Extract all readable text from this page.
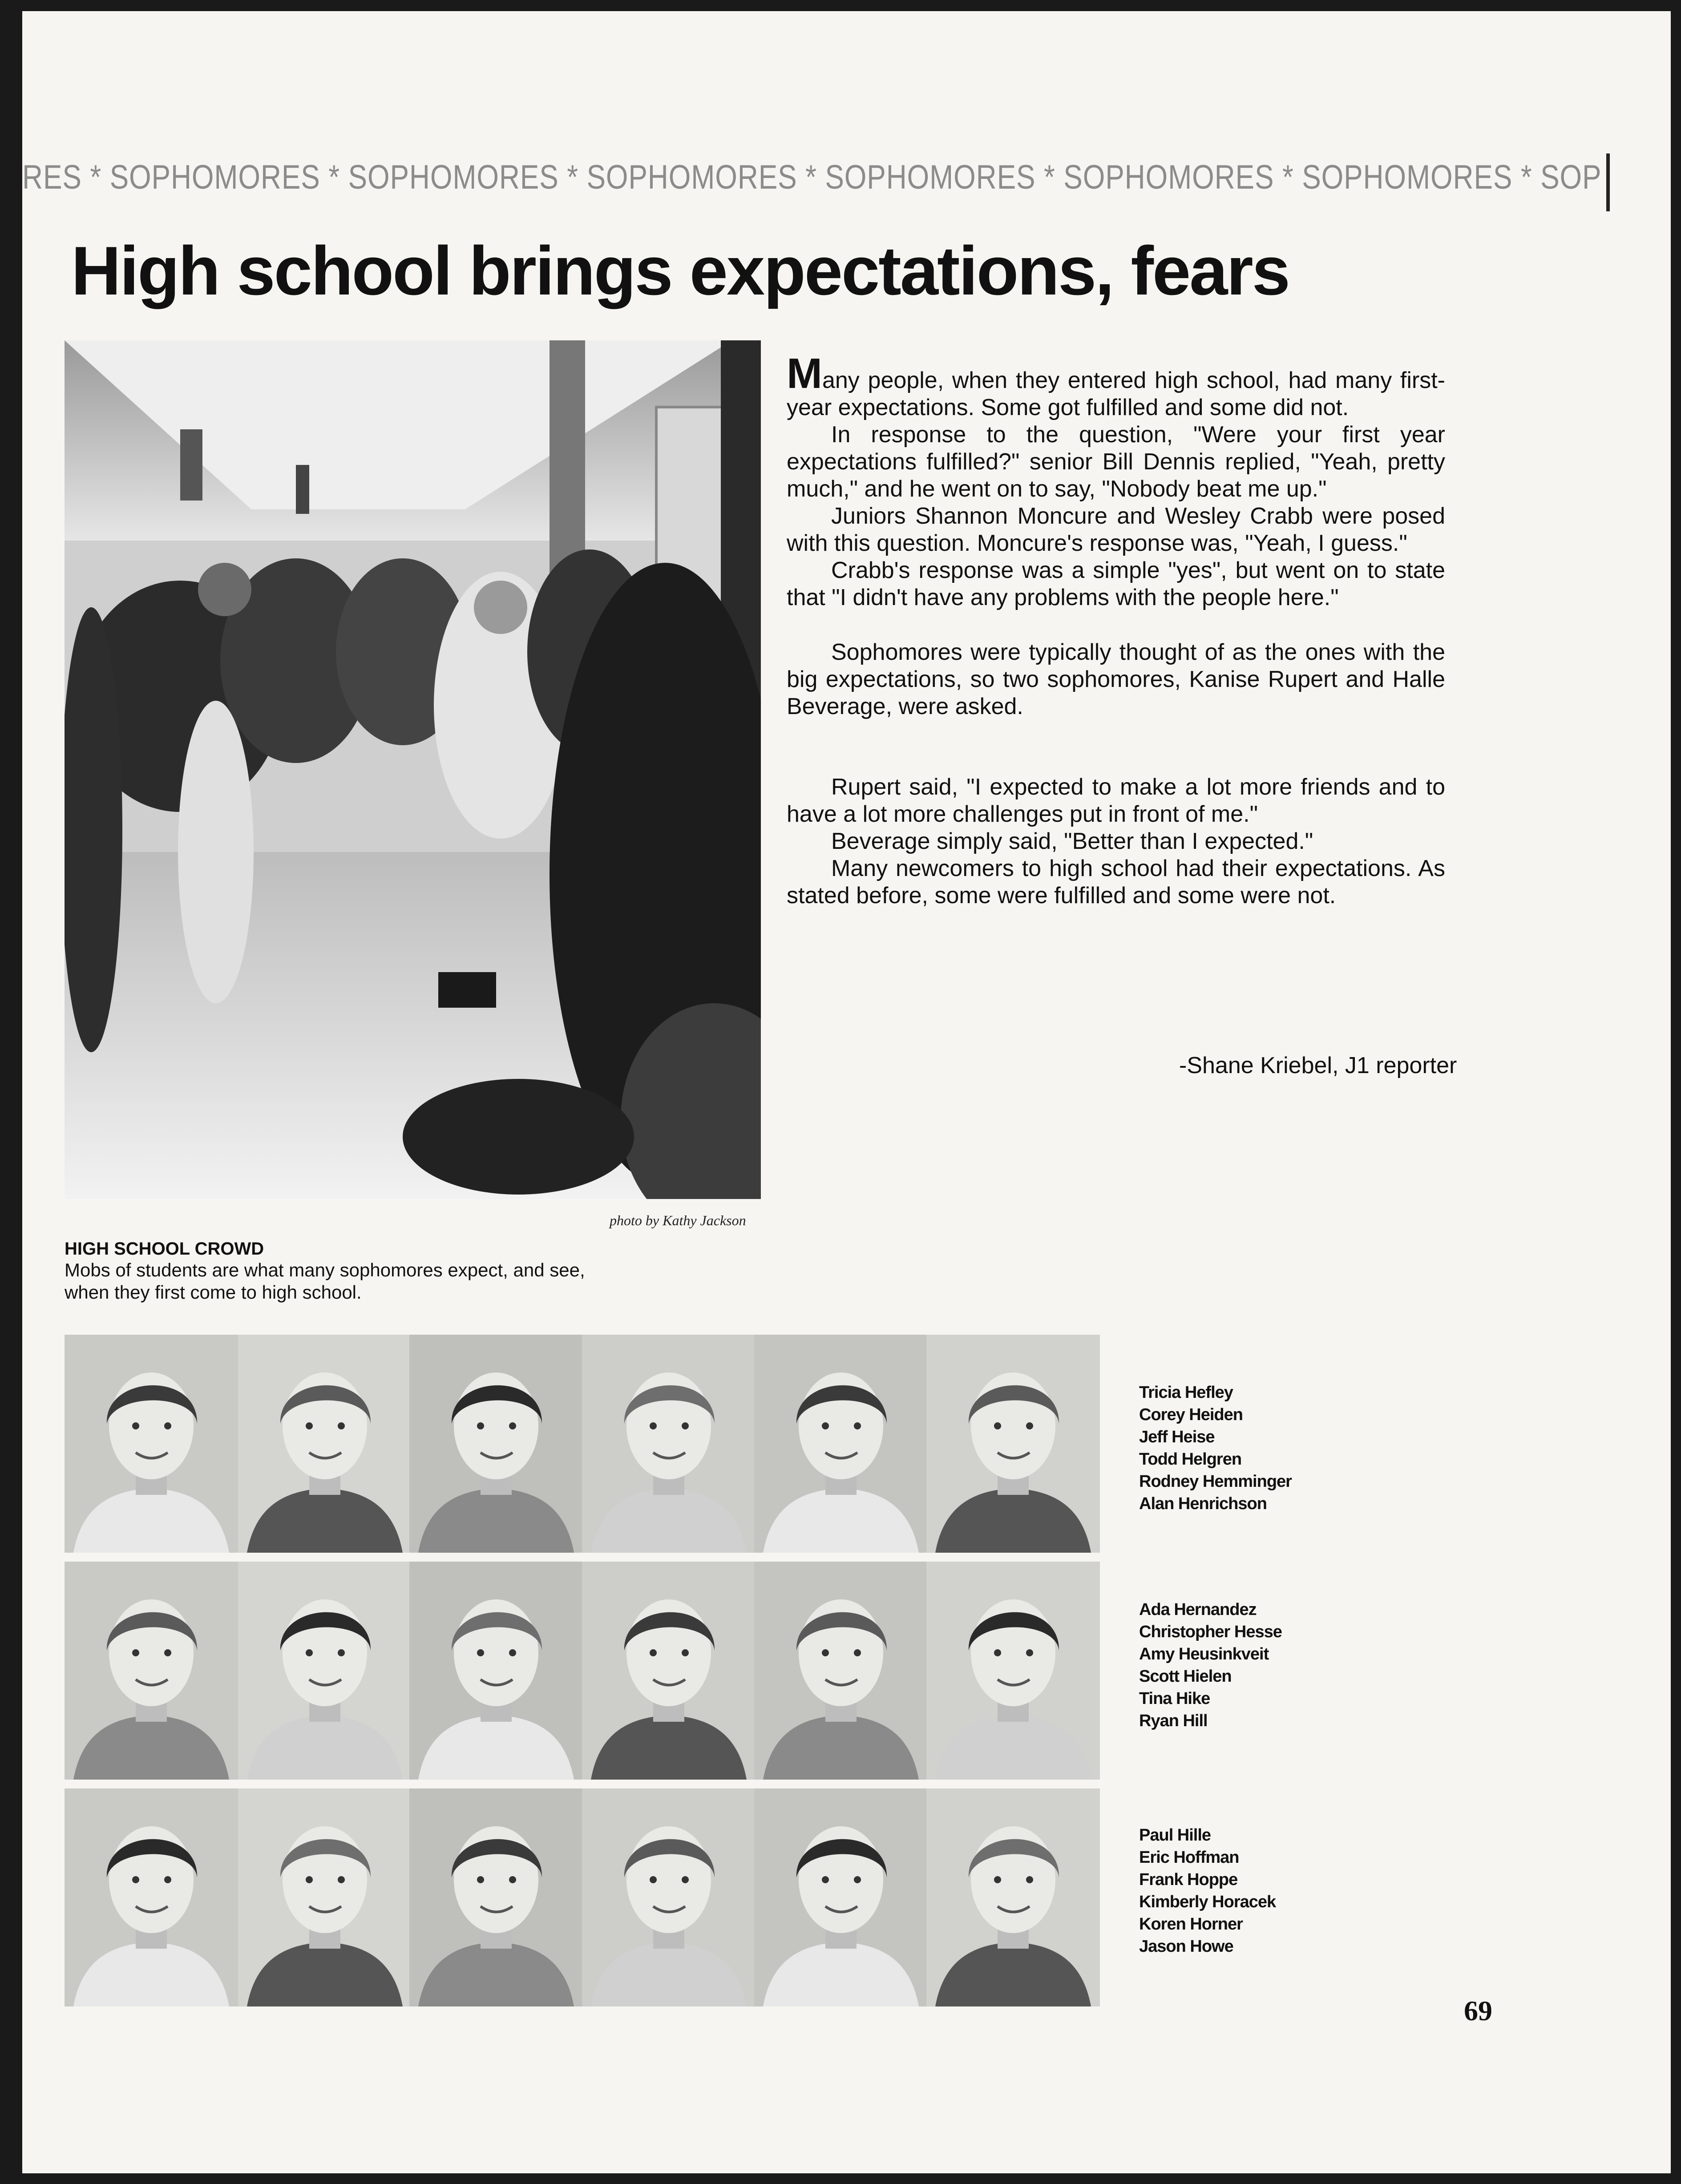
RES * SOPHOMORES * SOPHOMORES * SOPHOMORES * SOPHOMORES * SOPHOMORES * SOPHOMORES * SOP
High school brings expectations, fears
photo by Kathy Jackson
HIGH SCHOOL CROWD
Mobs of students are what many sophomores expect, and see, when they first come to high school.

Many people, when they entered high school, had many first-year expectations. Some got fulfilled and some did not.

In response to the question, "Were your first year expectations fulfilled?" senior Bill Dennis replied, "Yeah, pretty much," and he went on to say, "Nobody beat me up."

Juniors Shannon Moncure and Wesley Crabb were posed with this question. Moncure's response was, "Yeah, I guess."

Crabb's response was a simple "yes", but went on to state that "I didn't have any problems with the people here."

Sophomores were typically thought of as the ones with the big expectations, so two sophomores, Kanise Rupert and Halle Beverage, were asked.

Rupert said, "I expected to make a lot more friends and to have a lot more challenges put in front of me."

Beverage simply said, "Better than I expected."

Many newcomers to high school had their expectations. As stated before, some were fulfilled and some were not.

-Shane Kriebel, J1 reporter
Tricia Hefley
Corey Heiden
Jeff Heise
Todd Helgren
Rodney Hemminger
Alan Henrichson
Ada Hernandez
Christopher Hesse
Amy Heusinkveit
Scott Hielen
Tina Hike
Ryan Hill
Paul Hille
Eric Hoffman
Frank Hoppe
Kimberly Horacek
Koren Horner
Jason Howe
69
